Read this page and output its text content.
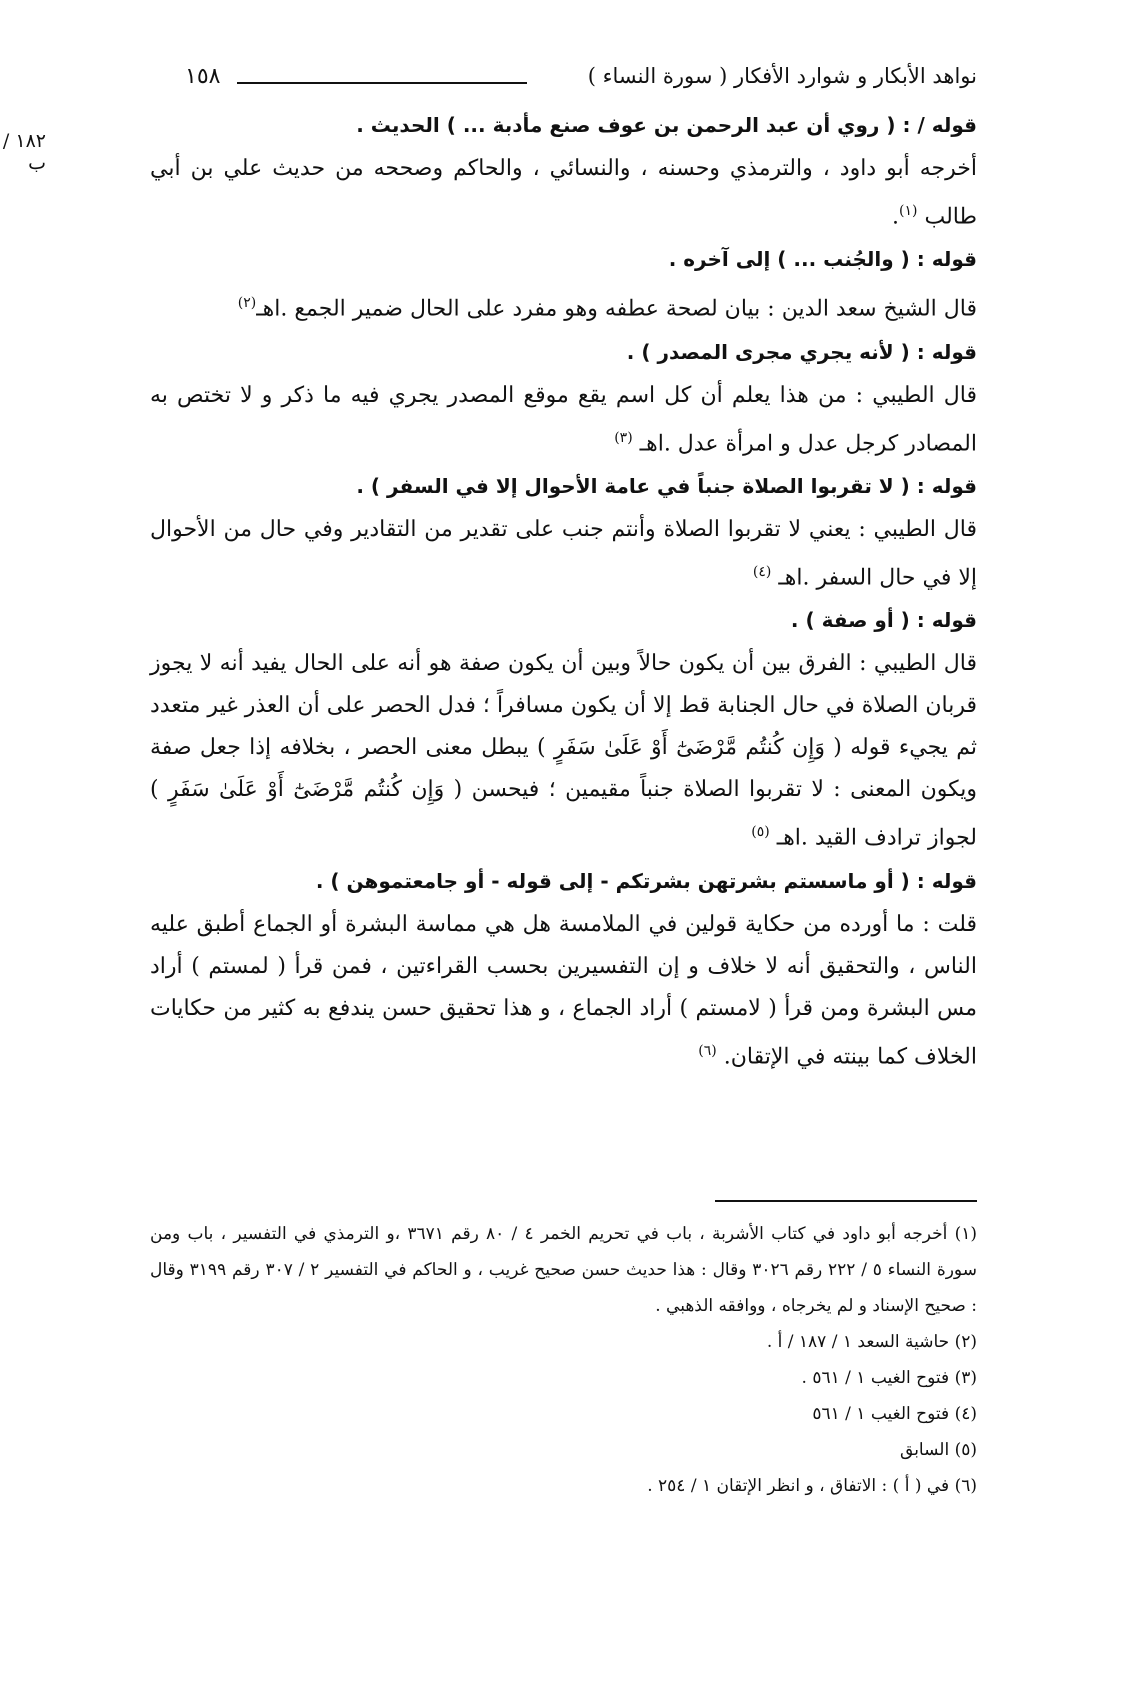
نواهد الأبكار و شوارد الأفكار ( سورة النساء )
١٥٨
١٨٢ / ب
قوله / : ( روي أن عبد الرحمن بن عوف صنع مأدبة ... ) الحديث .
أخرجه أبو داود ، والترمذي وحسنه ، والنسائي ، والحاكم وصححه من حديث علي بن أبي طالب $^{(١)}$.
قوله : ( والجُنب ... ) إلى آخره .
قال الشيخ سعد الدين : بيان لصحة عطفه وهو مفرد على الحال ضمير الجمع .اهـ$^{(٢)}$
قوله : ( لأنه يجري مجرى المصدر ) .
قال الطيبي : من هذا يعلم أن كل اسم يقع موقع المصدر يجري فيه ما ذكر و لا تختص به المصادر كرجل عدل و امرأة عدل .اهـ $^{(٣)}$
قوله : ( لا تقربوا الصلاة جنباً في عامة الأحوال إلا في السفر ) .
قال الطيبي : يعني لا تقربوا الصلاة وأنتم جنب على تقدير من التقادير وفي حال من الأحوال إلا في حال السفر .اهـ $^{(٤)}$
قوله : ( أو صفة ) .
قال الطيبي : الفرق بين أن يكون حالاً وبين أن يكون صفة هو أنه على الحال يفيد أنه لا يجوز قربان الصلاة في حال الجنابة قط إلا أن يكون مسافراً ؛ فدل الحصر على أن العذر غير متعدد ثم يجيء قوله ( وَإِن كُنتُم مَّرْضَىٰٓ أَوْ عَلَىٰ سَفَرٍ ) يبطل معنى الحصر ، بخلافه إذا جعل صفة ويكون المعنى : لا تقربوا الصلاة جنباً مقيمين ؛ فيحسن ( وَإِن كُنتُم مَّرْضَىٰٓ أَوْ عَلَىٰ سَفَرٍ ) لجواز ترادف القيد .اهـ $^{(٥)}$
قوله : ( أو ماسستم بشرتهن بشرتكم - إلى قوله - أو جامعتموهن ) .
قلت : ما أورده من حكاية قولين في الملامسة هل هي مماسة البشرة أو الجماع أطبق عليه الناس ، والتحقيق أنه لا خلاف و إن التفسيرين بحسب القراءتين ، فمن قرأ ( لمستم ) أراد مس البشرة ومن قرأ ( لامستم ) أراد الجماع ، و هذا تحقيق حسن يندفع به كثير من حكايات الخلاف كما بينته في الإتقان. $^{(٦)}$
(١) أخرجه أبو داود في كتاب الأشربة ، باب في تحريم الخمر ٤ / ٨٠ رقم ٣٦٧١ ،و الترمذي في التفسير ، باب ومن سورة النساء ٥ / ٢٢٢ رقم ٣٠٢٦ وقال : هذا حديث حسن صحيح غريب ، و الحاكم في التفسير ٢ / ٣٠٧ رقم ٣١٩٩ وقال : صحيح الإسناد و لم يخرجاه ، ووافقه الذهبي .
(٢) حاشية السعد ١ / ١٨٧ / أ .
(٣) فتوح الغيب ١ / ٥٦١ .
(٤) فتوح الغيب ١ / ٥٦١
(٥) السابق
(٦) في ( أ ) : الاتفاق ، و انظر الإتقان ١ / ٢٥٤ .
